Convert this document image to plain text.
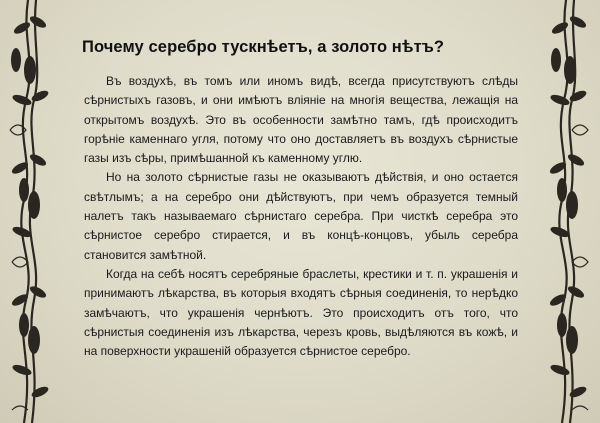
Почему серебро тускнѣетъ, а золото нѣтъ?

Въ воздухѣ, въ томъ или иномъ видѣ, всегда присутствуютъ слѣды сѣрнистыхъ газовъ, и они имѣютъ вліяніе на многія вещества, лежащія на открытомъ воздухѣ. Это въ особенности замѣтно тамъ, гдѣ происходитъ горѣніе каменнаго угля, потому что оно доставляетъ въ воздухъ сѣрнистые газы изъ сѣры, примѣшанной къ каменному углю.

Но на золото сѣрнистые газы не оказываютъ дѣйствія, и оно остается свѣтлымъ; а на серебро они дѣйствуютъ, при чемъ образуется темный налетъ такъ называемаго сѣрнистаго серебра. При чисткѣ серебра это сѣрнистое серебро стирается, и въ концѣ-концовъ, убыль серебра становится замѣтной.

Когда на себѣ носятъ серебряные браслеты, крестики и т. п. украшенія и принимаютъ лѣкарства, въ которыя входятъ сѣрныя соединенія, то нерѣдко замѣчаютъ, что украшенія чернѣютъ. Это происходитъ отъ того, что сѣрнистыя соединенія изъ лѣкарства, черезъ кровь, выдѣляются въ кожѣ, и на поверхности украшеній образуется сѣрнистое серебро.
